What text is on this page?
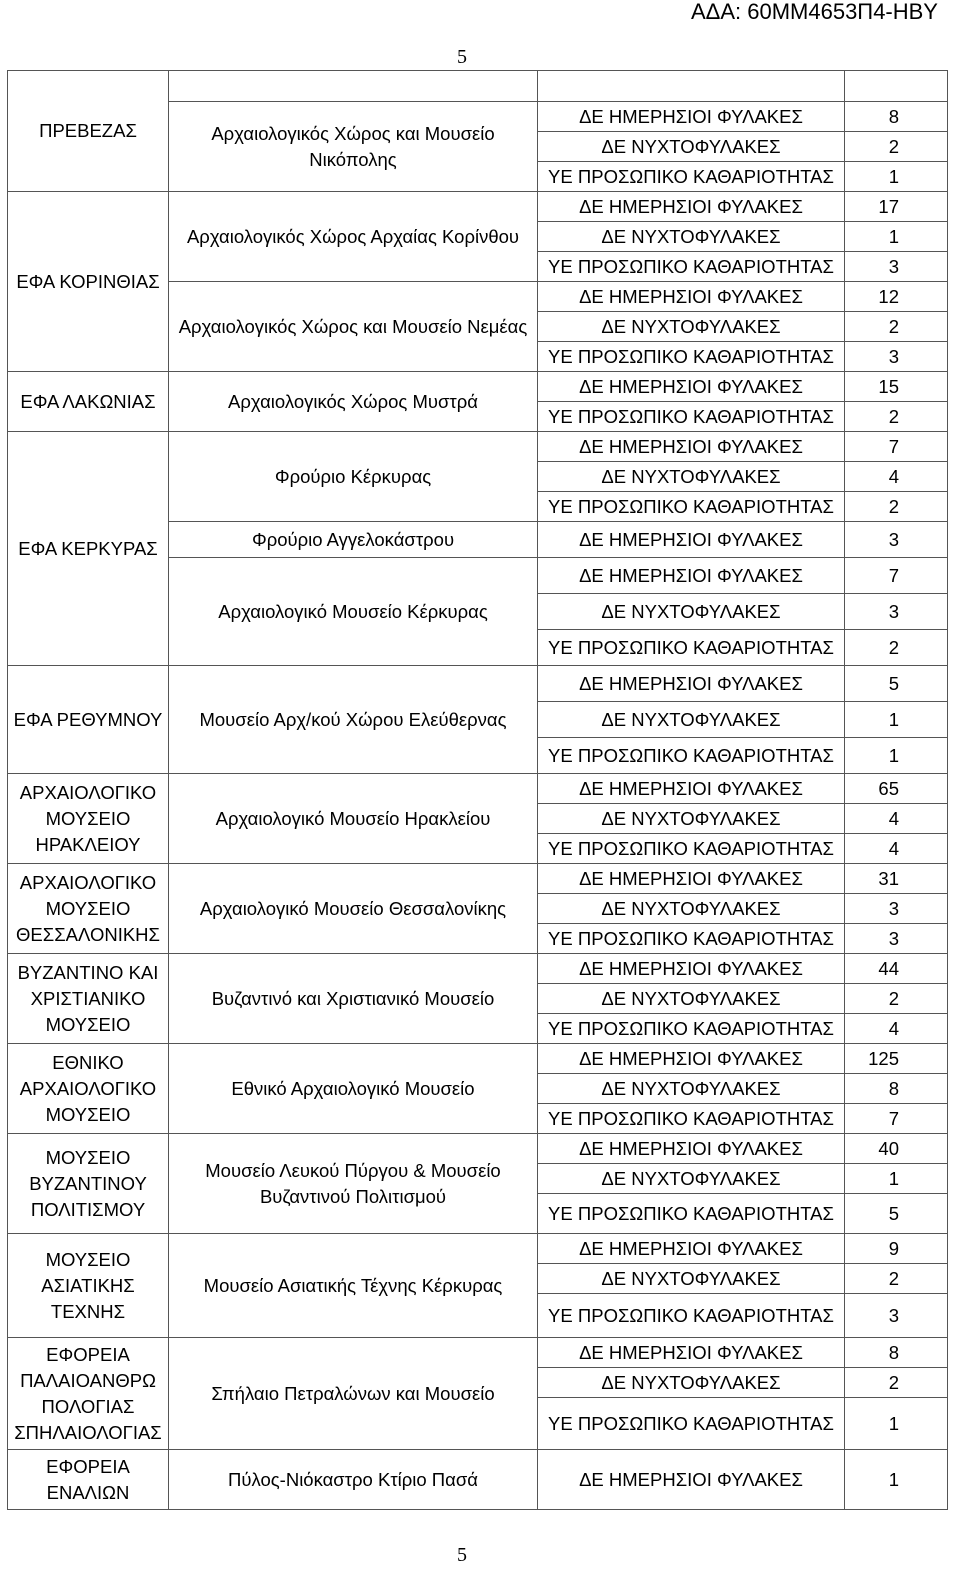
ΑΔΑ: 60ΜΜ4653Π4-ΗΒΥ
5
ΠΡΕΒΕΖΑΣ			
	Αρχαιολογικός Χώρος και Μουσείο Νικόπολης	ΔΕ ΗΜΕΡΗΣΙΟΙ ΦΥΛΑΚΕΣ	8
		ΔΕ ΝΥΧΤΟΦΥΛΑΚΕΣ	2
		ΥΕ ΠΡΟΣΩΠΙΚΟ ΚΑΘΑΡΙΟΤΗΤΑΣ	1
ΕΦΑ ΚΟΡΙΝΘΙΑΣ	Αρχαιολογικός Χώρος Αρχαίας Κορίνθου	ΔΕ ΗΜΕΡΗΣΙΟΙ ΦΥΛΑΚΕΣ	17
		ΔΕ ΝΥΧΤΟΦΥΛΑΚΕΣ	1
		ΥΕ ΠΡΟΣΩΠΙΚΟ ΚΑΘΑΡΙΟΤΗΤΑΣ	3
	Αρχαιολογικός Χώρος και Μουσείο Νεμέας	ΔΕ ΗΜΕΡΗΣΙΟΙ ΦΥΛΑΚΕΣ	12
		ΔΕ ΝΥΧΤΟΦΥΛΑΚΕΣ	2
		ΥΕ ΠΡΟΣΩΠΙΚΟ ΚΑΘΑΡΙΟΤΗΤΑΣ	3
ΕΦΑ ΛΑΚΩΝΙΑΣ	Αρχαιολογικός Χώρος Μυστρά	ΔΕ ΗΜΕΡΗΣΙΟΙ ΦΥΛΑΚΕΣ	15
		ΥΕ ΠΡΟΣΩΠΙΚΟ ΚΑΘΑΡΙΟΤΗΤΑΣ	2
ΕΦΑ ΚΕΡΚΥΡΑΣ	Φρούριο Κέρκυρας	ΔΕ ΗΜΕΡΗΣΙΟΙ ΦΥΛΑΚΕΣ	7
		ΔΕ ΝΥΧΤΟΦΥΛΑΚΕΣ	4
		ΥΕ ΠΡΟΣΩΠΙΚΟ ΚΑΘΑΡΙΟΤΗΤΑΣ	2
	Φρούριο Αγγελοκάστρου	ΔΕ ΗΜΕΡΗΣΙΟΙ ΦΥΛΑΚΕΣ	3
	Αρχαιολογικό Μουσείο Κέρκυρας	ΔΕ ΗΜΕΡΗΣΙΟΙ ΦΥΛΑΚΕΣ	7
		ΔΕ ΝΥΧΤΟΦΥΛΑΚΕΣ	3
		ΥΕ ΠΡΟΣΩΠΙΚΟ ΚΑΘΑΡΙΟΤΗΤΑΣ	2
ΕΦΑ ΡΕΘΥΜΝΟΥ	Μουσείο Αρχ/κού Χώρου Ελεύθερνας	ΔΕ ΗΜΕΡΗΣΙΟΙ ΦΥΛΑΚΕΣ	5
		ΔΕ ΝΥΧΤΟΦΥΛΑΚΕΣ	1
		ΥΕ ΠΡΟΣΩΠΙΚΟ ΚΑΘΑΡΙΟΤΗΤΑΣ	1
ΑΡΧΑΙΟΛΟΓΙΚΟ ΜΟΥΣΕΙΟ ΗΡΑΚΛΕΙΟΥ	Αρχαιολογικό Μουσείο Ηρακλείου	ΔΕ ΗΜΕΡΗΣΙΟΙ ΦΥΛΑΚΕΣ	65
		ΔΕ ΝΥΧΤΟΦΥΛΑΚΕΣ	4
		ΥΕ ΠΡΟΣΩΠΙΚΟ ΚΑΘΑΡΙΟΤΗΤΑΣ	4
ΑΡΧΑΙΟΛΟΓΙΚΟ ΜΟΥΣΕΙΟ ΘΕΣΣΑΛΟΝΙΚΗΣ	Αρχαιολογικό Μουσείο Θεσσαλονίκης	ΔΕ ΗΜΕΡΗΣΙΟΙ ΦΥΛΑΚΕΣ	31
		ΔΕ ΝΥΧΤΟΦΥΛΑΚΕΣ	3
		ΥΕ ΠΡΟΣΩΠΙΚΟ ΚΑΘΑΡΙΟΤΗΤΑΣ	3
ΒΥΖΑΝΤΙΝΟ ΚΑΙ ΧΡΙΣΤΙΑΝΙΚΟ ΜΟΥΣΕΙΟ	Βυζαντινό και Χριστιανικό Μουσείο	ΔΕ ΗΜΕΡΗΣΙΟΙ ΦΥΛΑΚΕΣ	44
		ΔΕ ΝΥΧΤΟΦΥΛΑΚΕΣ	2
		ΥΕ ΠΡΟΣΩΠΙΚΟ ΚΑΘΑΡΙΟΤΗΤΑΣ	4
ΕΘΝΙΚΟ ΑΡΧΑΙΟΛΟΓΙΚΟ ΜΟΥΣΕΙΟ	Εθνικό Αρχαιολογικό Μουσείο	ΔΕ ΗΜΕΡΗΣΙΟΙ ΦΥΛΑΚΕΣ	125
		ΔΕ ΝΥΧΤΟΦΥΛΑΚΕΣ	8
		ΥΕ ΠΡΟΣΩΠΙΚΟ ΚΑΘΑΡΙΟΤΗΤΑΣ	7
ΜΟΥΣΕΙΟ ΒΥΖΑΝΤΙΝΟΥ ΠΟΛΙΤΙΣΜΟΥ	Μουσείο Λευκού Πύργου & Μουσείο Βυζαντινού Πολιτισμού	ΔΕ ΗΜΕΡΗΣΙΟΙ ΦΥΛΑΚΕΣ	40
		ΔΕ ΝΥΧΤΟΦΥΛΑΚΕΣ	1
		ΥΕ ΠΡΟΣΩΠΙΚΟ ΚΑΘΑΡΙΟΤΗΤΑΣ	5
ΜΟΥΣΕΙΟ ΑΣΙΑΤΙΚΗΣ ΤΕΧΝΗΣ	Μουσείο Ασιατικής Τέχνης Κέρκυρας	ΔΕ ΗΜΕΡΗΣΙΟΙ ΦΥΛΑΚΕΣ	9
		ΔΕ ΝΥΧΤΟΦΥΛΑΚΕΣ	2
		ΥΕ ΠΡΟΣΩΠΙΚΟ ΚΑΘΑΡΙΟΤΗΤΑΣ	3
ΕΦΟΡΕΙΑ ΠΑΛΑΙΟΑΝΘΡΩ ΠΟΛΟΓΙΑΣ ΣΠΗΛΑΙΟΛΟΓΙΑΣ	Σπήλαιο Πετραλώνων και Μουσείο	ΔΕ ΗΜΕΡΗΣΙΟΙ ΦΥΛΑΚΕΣ	8
		ΔΕ ΝΥΧΤΟΦΥΛΑΚΕΣ	2
		ΥΕ ΠΡΟΣΩΠΙΚΟ ΚΑΘΑΡΙΟΤΗΤΑΣ	1
ΕΦΟΡΕΙΑ ΕΝΑΛΙΩΝ	Πύλος-Νιόκαστρο Κτίριο Πασά	ΔΕ ΗΜΕΡΗΣΙΟΙ ΦΥΛΑΚΕΣ	1
5
